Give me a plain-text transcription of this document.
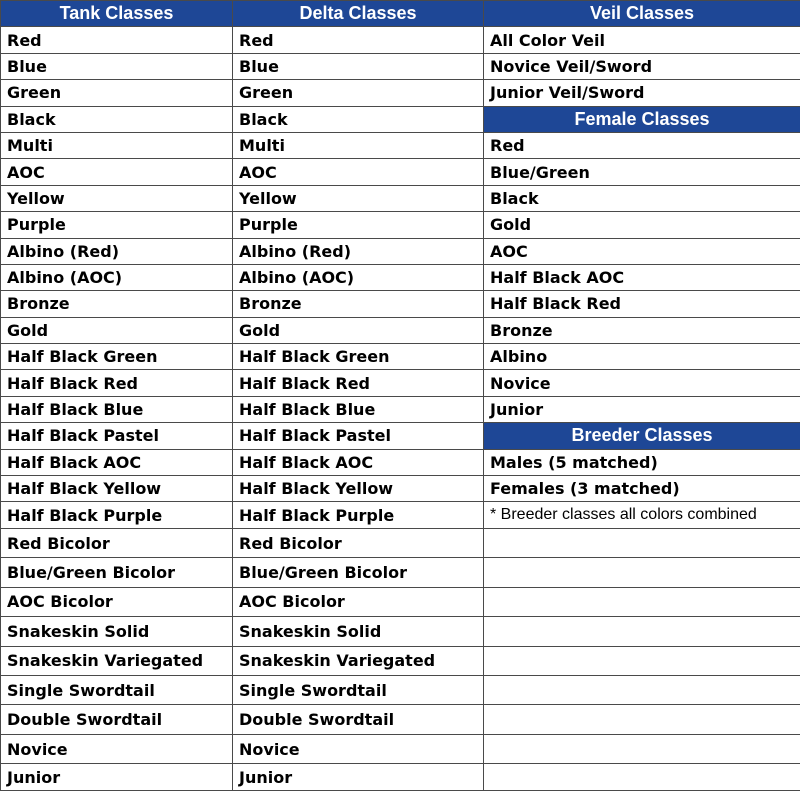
Tank Classes	Delta Classes	Veil Classes
Red	Red	All Color Veil
Blue	Blue	Novice Veil/Sword
Green	Green	Junior Veil/Sword
Black	Black	Female Classes
Multi	Multi	Red
AOC	AOC	Blue/Green
Yellow	Yellow	Black
Purple	Purple	Gold
Albino (Red)	Albino (Red)	AOC
Albino (AOC)	Albino (AOC)	Half Black AOC
Bronze	Bronze	Half Black Red
Gold	Gold	Bronze
Half Black Green	Half Black Green	Albino
Half Black Red	Half Black Red	Novice
Half Black Blue	Half Black Blue	Junior
Half Black Pastel	Half Black Pastel	Breeder Classes
Half Black AOC	Half Black AOC	Males (5 matched)
Half Black Yellow	Half Black Yellow	Females (3 matched)
Half Black Purple	Half Black Purple	* Breeder classes all colors combined
Red Bicolor	Red Bicolor	
Blue/Green Bicolor	Blue/Green Bicolor	
AOC Bicolor	AOC Bicolor	
Snakeskin Solid	Snakeskin Solid	
Snakeskin Variegated	Snakeskin Variegated	
Single Swordtail	Single Swordtail	
Double Swordtail	Double Swordtail	
Novice	Novice	
Junior	Junior	
